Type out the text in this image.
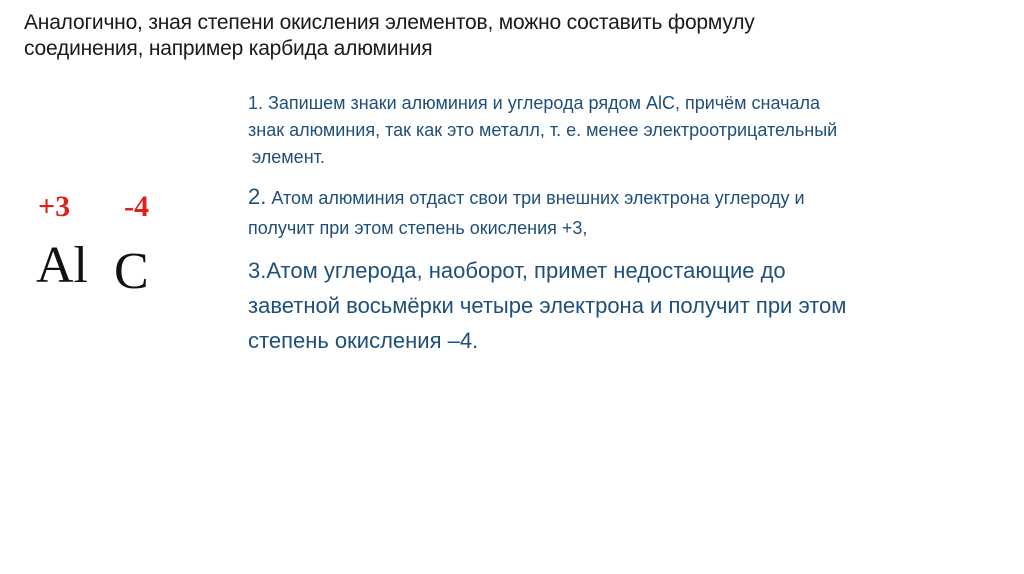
Аналогично, зная степени окисления элементов, можно составить формулу
соединения, например карбида алюминия
+3 -4
Al C
1. Запишем знаки алюминия и углерода рядом AlC, причём сначала
знак алюминия, так как это металл, т. е. менее электроотрицательный
элемент.
2. Атом алюминия отдаст свои три внешних электрона углероду и
получит при этом степень окисления +3,
3.Атом углерода, наоборот, примет недостающие до
заветной восьмёрки четыре электрона и получит при этом
степень окисления –4.
